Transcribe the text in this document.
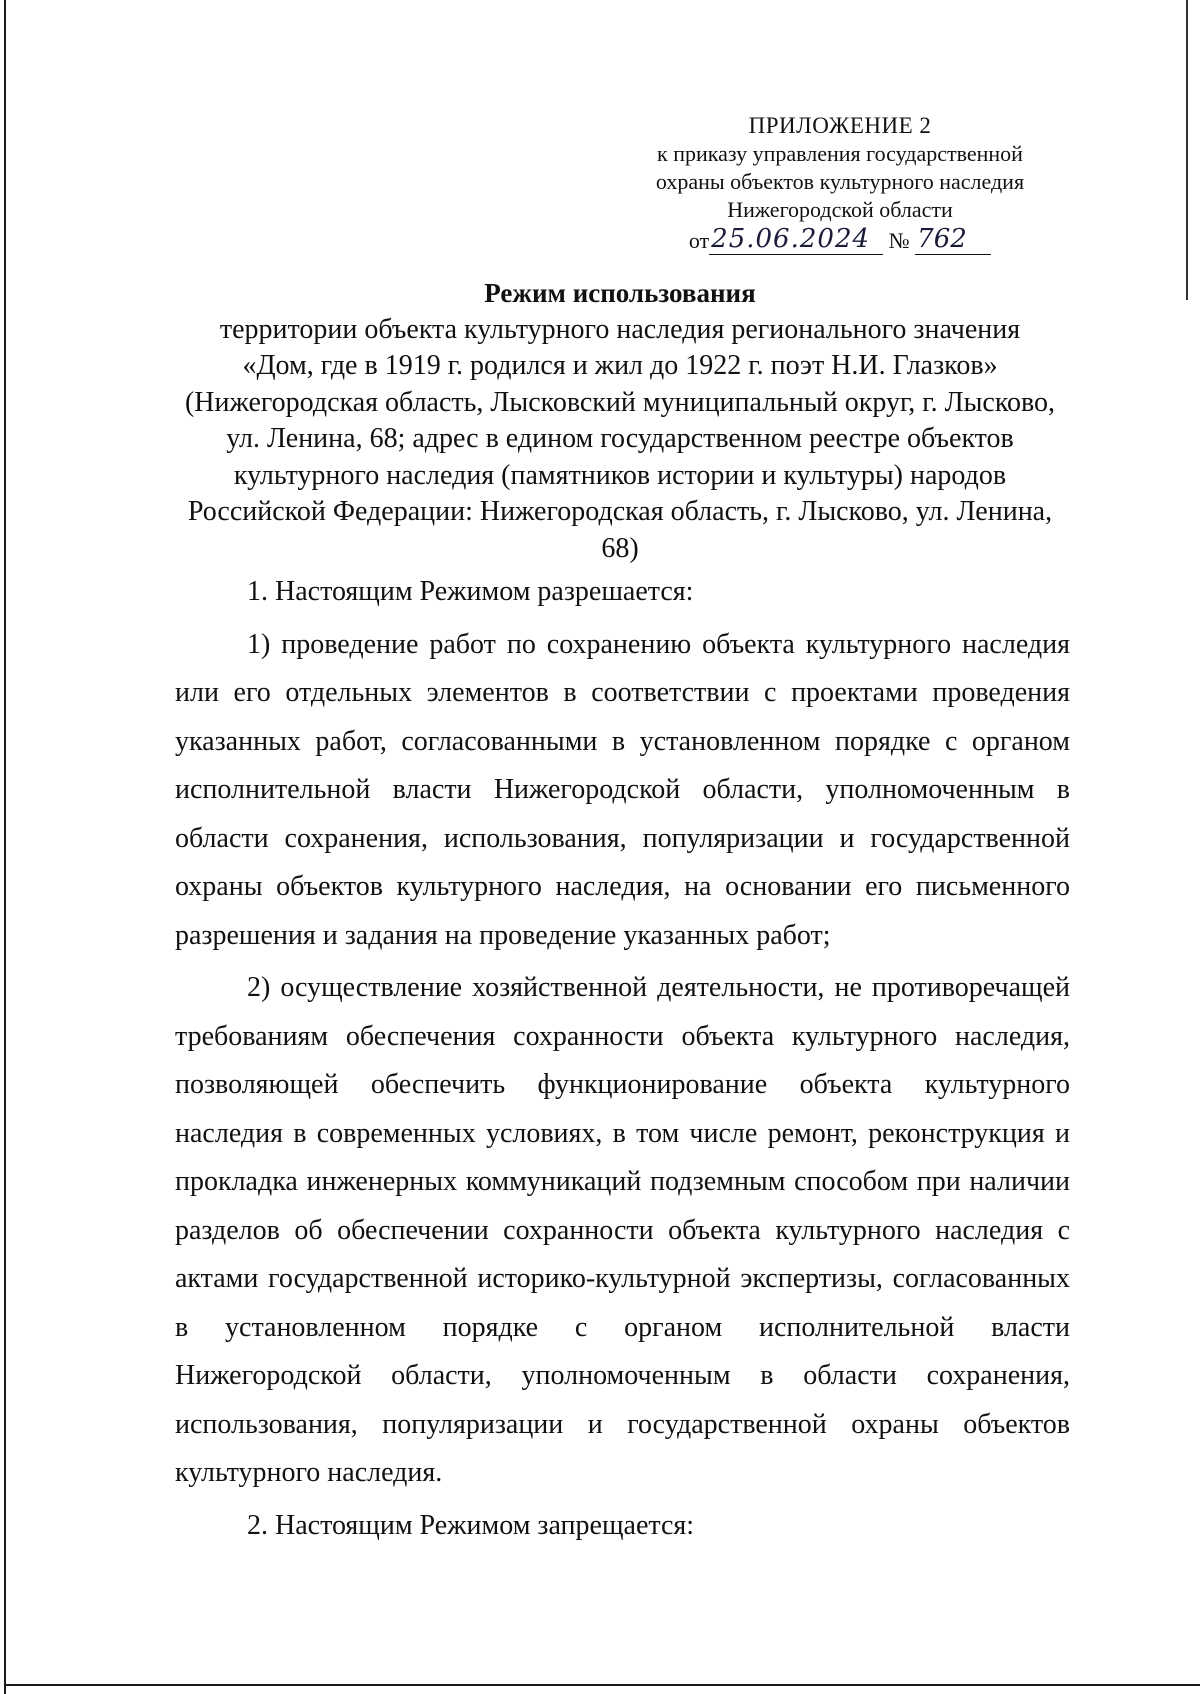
ПРИЛОЖЕНИЕ 2
к приказу управления государственной
охраны объектов культурного наследия
Нижегородской области
от25.06.2024 № 762
Режим использования
территории объекта культурного наследия регионального значения
«Дом, где в 1919 г. родился и жил до 1922 г. поэт Н.И. Глазков»
(Нижегородская область, Лысковский муниципальный округ, г. Лысково,
ул. Ленина, 68; адрес в едином государственном реестре объектов
культурного наследия (памятников истории и культуры) народов
Российской Федерации: Нижегородская область, г. Лысково, ул. Ленина,
68)

1. Настоящим Режимом разрешается:

1) проведение работ по сохранению объекта культурного наследия или его отдельных элементов в соответствии с проектами проведения указанных работ, согласованными в установленном порядке с органом исполнительной власти Нижегородской области, уполномоченным в области сохранения, использования, популяризации и государственной охраны объектов культурного наследия, на основании его письменного разрешения и задания на проведение указанных работ;

2) осуществление хозяйственной деятельности, не противоречащей требованиям обеспечения сохранности объекта культурного наследия, позволяющей обеспечить функционирование объекта культурного наследия в современных условиях, в том числе ремонт, реконструкция и прокладка инженерных коммуникаций подземным способом при наличии разделов об обеспечении сохранности объекта культурного наследия с актами государственной историко-культурной экспертизы, согласованных в установленном порядке с органом исполнительной власти Нижегородской области, уполномоченным в области сохранения, использования, популяризации и государственной охраны объектов культурного наследия.

2. Настоящим Режимом запрещается:
